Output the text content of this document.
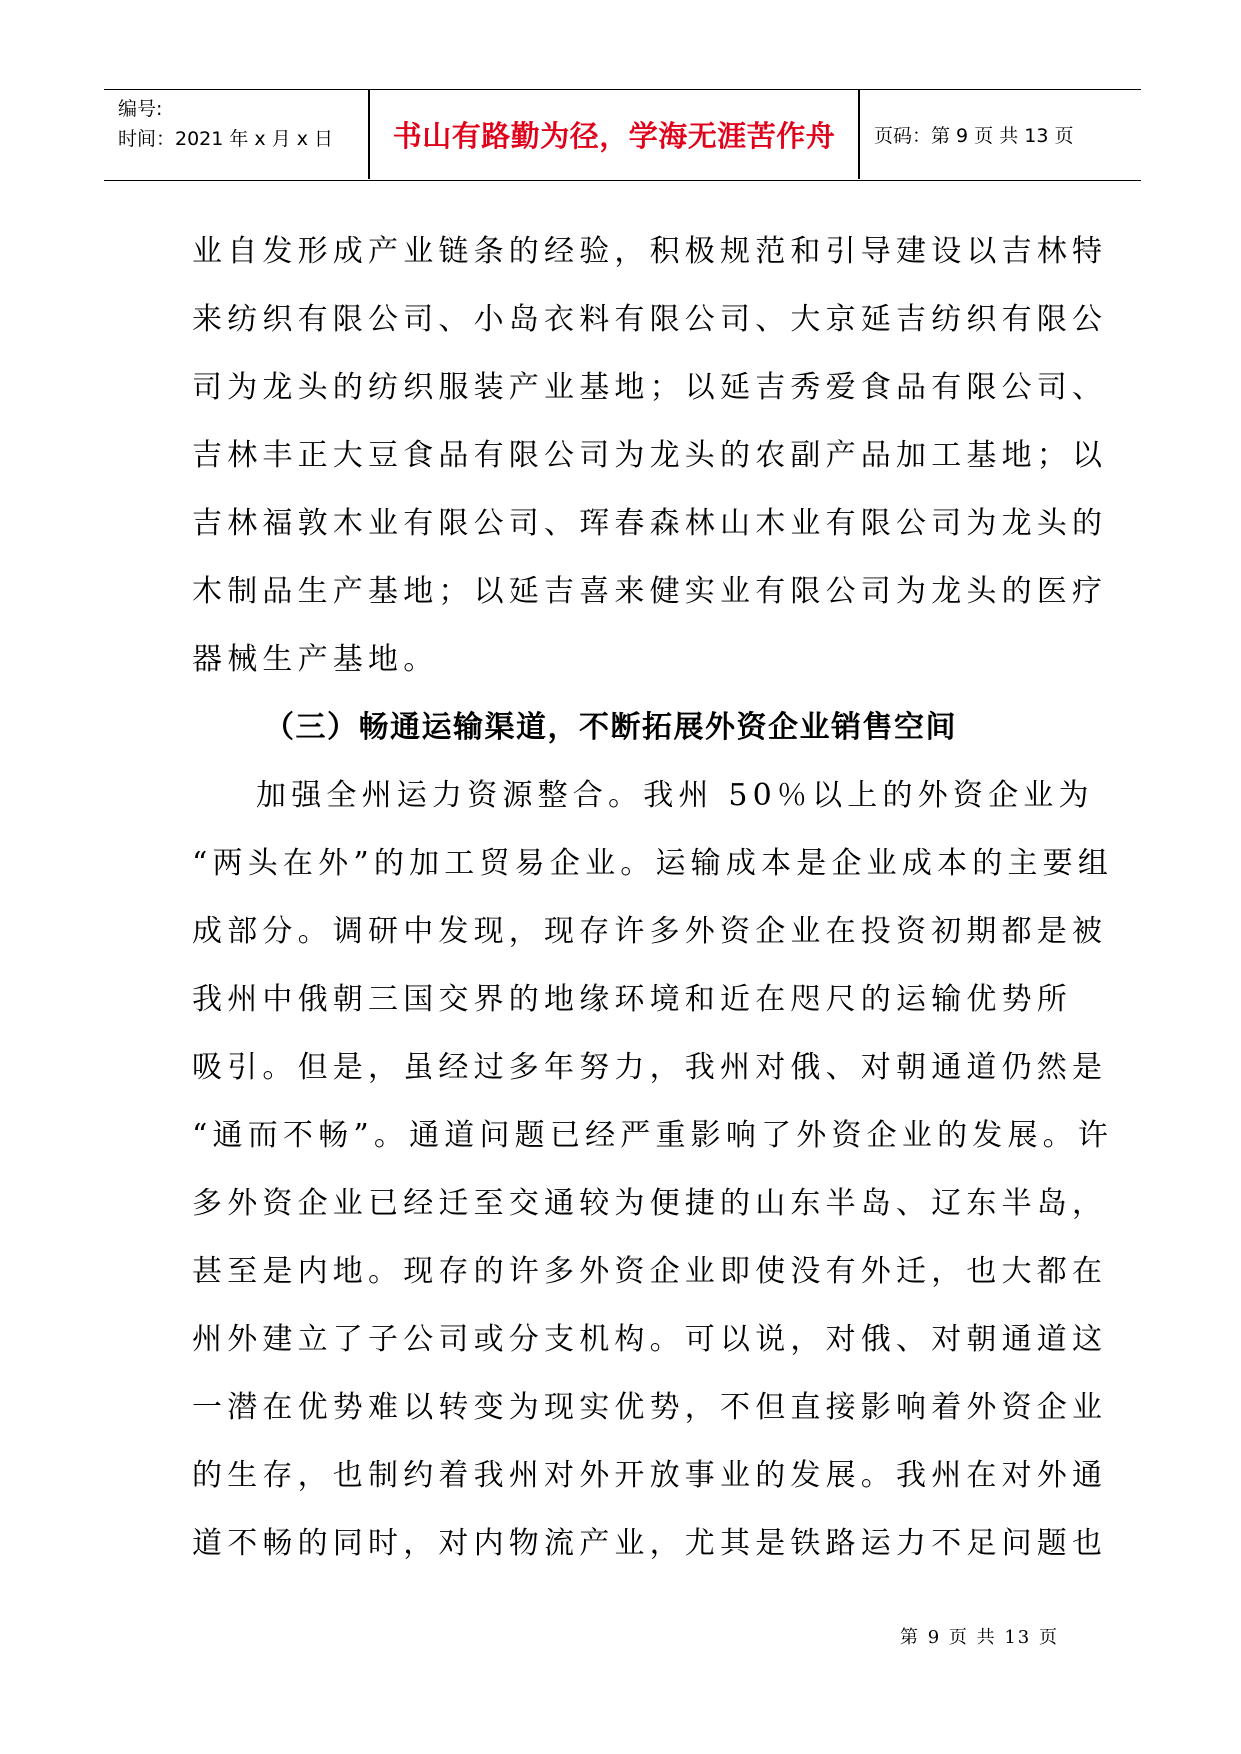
编号:
时间：2021 年 x 月 x 日	书山有路勤为径，学海无涯苦作舟	页码：第 9 页 共 13 页
业自发形成产业链条的经验，积极规范和引导建设以吉林特
来纺织有限公司、小岛衣料有限公司、大京延吉纺织有限公
司为龙头的纺织服装产业基地；以延吉秀爱食品有限公司、
吉林丰正大豆食品有限公司为龙头的农副产品加工基地；以
吉林福敦木业有限公司、珲春森林山木业有限公司为龙头的
木制品生产基地；以延吉喜来健实业有限公司为龙头的医疗
器械生产基地。
（三）畅通运输渠道，不断拓展外资企业销售空间
加强全州运力资源整合。我州 50％以上的外资企业为
“两头在外”的加工贸易企业。运输成本是企业成本的主要组
成部分。调研中发现，现存许多外资企业在投资初期都是被
我州中俄朝三国交界的地缘环境和近在咫尺的运输优势所
吸引。但是，虽经过多年努力，我州对俄、对朝通道仍然是
“通而不畅”。通道问题已经严重影响了外资企业的发展。许
多外资企业已经迁至交通较为便捷的山东半岛、辽东半岛，
甚至是内地。现存的许多外资企业即使没有外迁，也大都在
州外建立了子公司或分支机构。可以说，对俄、对朝通道这
一潜在优势难以转变为现实优势，不但直接影响着外资企业
的生存，也制约着我州对外开放事业的发展。我州在对外通
道不畅的同时，对内物流产业，尤其是铁路运力不足问题也
第 9 页 共 13 页
